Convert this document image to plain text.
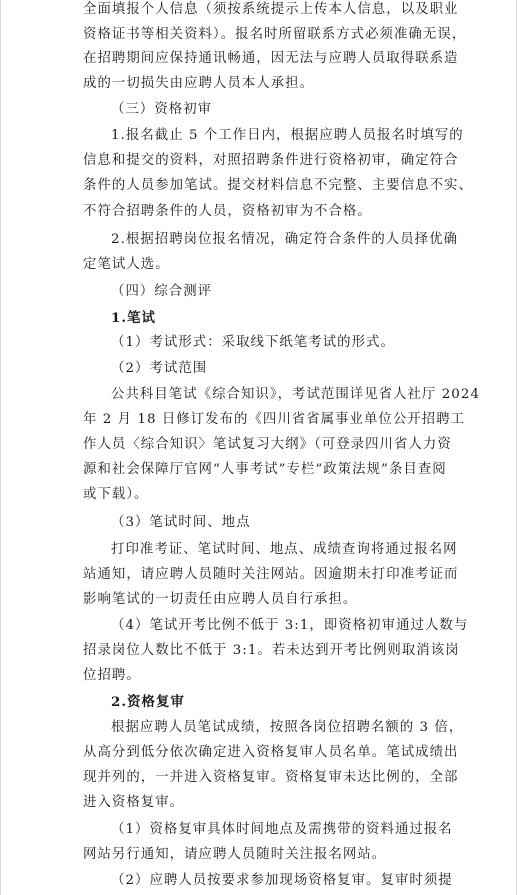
全面填报个人信息（须按系统提示上传本人信息，以及职业
资格证书等相关资料）。报名时所留联系方式必须准确无误，
在招聘期间应保持通讯畅通，因无法与应聘人员取得联系造
成的一切损失由应聘人员本人承担。
（三）资格初审
1.报名截止 5 个工作日内，根据应聘人员报名时填写的
信息和提交的资料，对照招聘条件进行资格初审，确定符合
条件的人员参加笔试。提交材料信息不完整、主要信息不实、
不符合招聘条件的人员，资格初审为不合格。
2.根据招聘岗位报名情况，确定符合条件的人员择优确
定笔试人选。
（四）综合测评
1.笔试
（1）考试形式：采取线下纸笔考试的形式。
（2）考试范围
公共科目笔试《综合知识》，考试范围详见省人社厅 2024
年 2 月 18 日修订发布的《四川省省属事业单位公开招聘工
作人员〈综合知识〉笔试复习大纲》（可登录四川省人力资
源和社会保障厅官网“人事考试”专栏“政策法规”条目查阅
或下载）。
（3）笔试时间、地点
打印准考证、笔试时间、地点、成绩查询将通过报名网
站通知，请应聘人员随时关注网站。因逾期未打印准考证而
影响笔试的一切责任由应聘人员自行承担。
（4）笔试开考比例不低于 3:1，即资格初审通过人数与
招录岗位人数比不低于 3:1。若未达到开考比例则取消该岗
位招聘。
2.资格复审
根据应聘人员笔试成绩，按照各岗位招聘名额的 3 倍，
从高分到低分依次确定进入资格复审人员名单。笔试成绩出
现并列的，一并进入资格复审。资格复审未达比例的，全部
进入资格复审。
（1）资格复审具体时间地点及需携带的资料通过报名
网站另行通知，请应聘人员随时关注报名网站。
（2）应聘人员按要求参加现场资格复审。复审时须提
